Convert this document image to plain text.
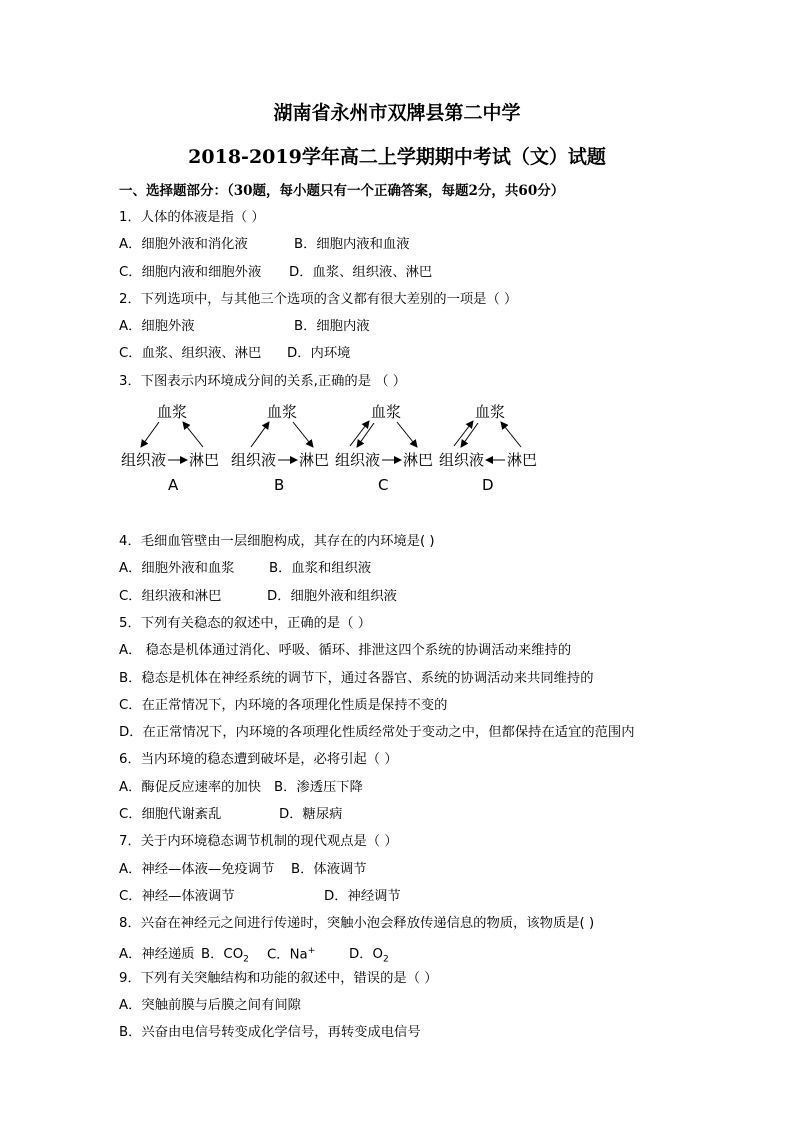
湖南省永州市双牌县第二中学
2018-2019学年高二上学期期中考试（文）试题
一、选择题部分：（30题，每小题只有一个正确答案，每题2分，共60分）
1．人体的体液是指（ ）
A．细胞外液和消化液	B．细胞内液和血液
C．细胞内液和细胞外液 D．血浆、组织液、淋巴
2．下列选项中，与其他三个选项的含义都有很大差别的一项是（ ）
A．细胞外液	B．细胞内液
C．血浆、组织液、淋巴 D．内环境
3．下图表示内环境成分间的关系,正确的是 （ ）
血浆
组织液 淋巴
A
血浆
组织液 淋巴
B
血浆
组织液 淋巴
C
血浆
组织液 淋巴
D
4．毛细血管壁由一层细胞构成，其存在的内环境是( )
A．细胞外液和血浆	B．血浆和组织液
C．组织液和淋巴	D．细胞外液和组织液
5．下列有关稳态的叙述中，正确的是（ ）
A． 稳态是机体通过消化、呼吸、循环、排泄这四个系统的协调活动来维持的
B．稳态是机体在神经系统的调节下，通过各器官、系统的协调活动来共同维持的
C．在正常情况下，内环境的各项理化性质是保持不变的
D．在正常情况下，内环境的各项理化性质经常处于变动之中，但都保持在适宜的范围内
6．当内环境的稳态遭到破坏是，必将引起（ ）
A．酶促反应速率的加快 B．渗透压下降
C．细胞代谢紊乱	D．糖尿病
7．关于内环境稳态调节机制的现代观点是（ ）
A．神经—体液—免疫调节 B．体液调节
C．神经—体液调节	D．神经调节
8．兴奋在神经元之间进行传递时，突触小泡会释放传递信息的物质，该物质是( )
A．神经递质 B．$CO_2$ C．Na+	D．$O_2$
9．下列有关突触结构和功能的叙述中，错误的是（ ）
A．突触前膜与后膜之间有间隙
B．兴奋由电信号转变成化学信号，再转变成电信号
